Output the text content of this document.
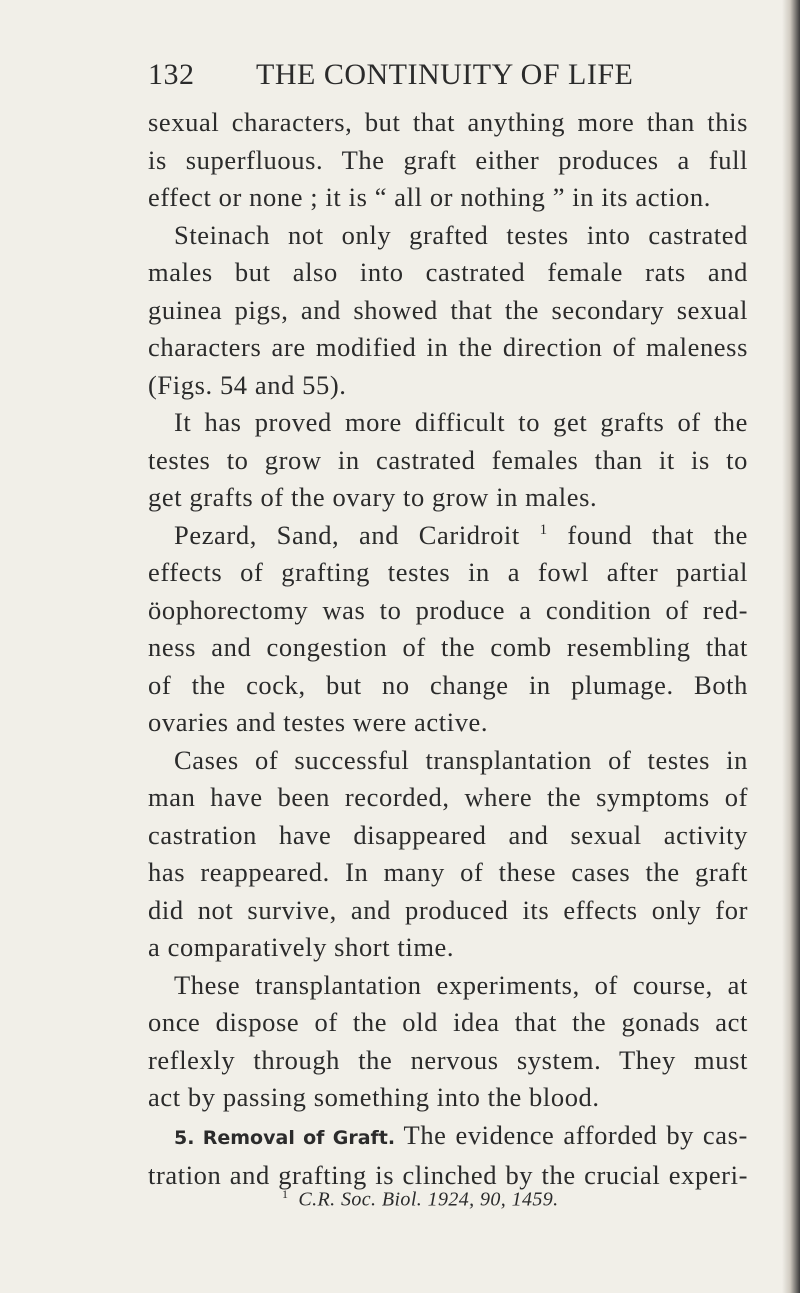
132 THE CONTINUITY OF LIFE

sexual characters, but that anything more than this

is superfluous. The graft either produces a full

effect or none ; it is “ all or nothing ” in its action.

Steinach not only grafted testes into castrated

males but also into castrated female rats and

guinea pigs, and showed that the secondary sexual

characters are modified in the direction of maleness

(Figs. 54 and 55).

It has proved more difficult to get grafts of the

testes to grow in castrated females than it is to

get grafts of the ovary to grow in males.

Pezard, Sand, and Caridroit $^1$ found that the

effects of grafting testes in a fowl after partial

öophorectomy was to produce a condition of red-

ness and congestion of the comb resembling that

of the cock, but no change in plumage. Both

ovaries and testes were active.

Cases of successful transplantation of testes in

man have been recorded, where the symptoms of

castration have disappeared and sexual activity

has reappeared. In many of these cases the graft

did not survive, and produced its effects only for

a comparatively short time.

These transplantation experiments, of course, at

once dispose of the old idea that the gonads act

reflexly through the nervous system. They must

act by passing something into the blood.

5. Removal of Graft. The evidence afforded by cas-

tration and grafting is clinched by the crucial experi-

$^1$ C.R. Soc. Biol. 1924, 90, 1459.
